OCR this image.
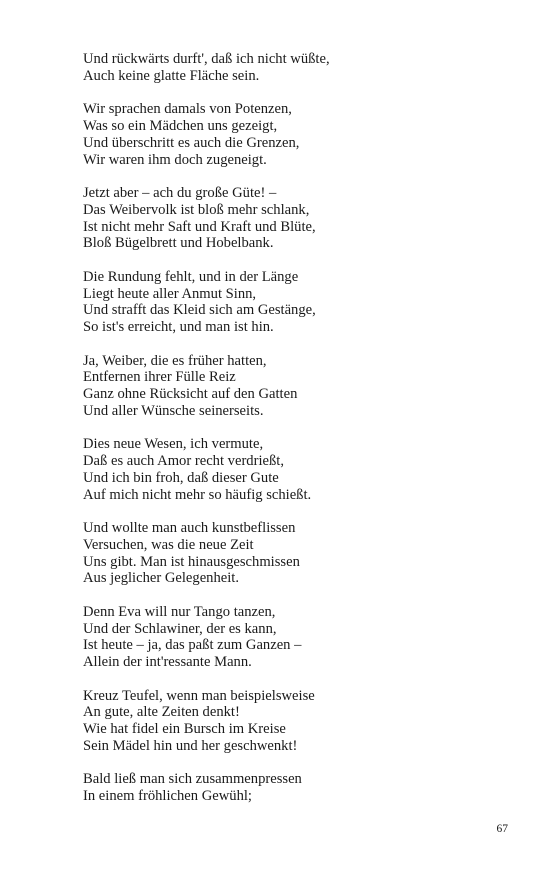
Und rückwärts durft', daß ich nicht wüßte,
Auch keine glatte Fläche sein.
Wir sprachen damals von Potenzen,
Was so ein Mädchen uns gezeigt,
Und überschritt es auch die Grenzen,
Wir waren ihm doch zugeneigt.
Jetzt aber – ach du große Güte! –
Das Weibervolk ist bloß mehr schlank,
Ist nicht mehr Saft und Kraft und Blüte,
Bloß Bügelbrett und Hobelbank.
Die Rundung fehlt, und in der Länge
Liegt heute aller Anmut Sinn,
Und strafft das Kleid sich am Gestänge,
So ist's erreicht, und man ist hin.
Ja, Weiber, die es früher hatten,
Entfernen ihrer Fülle Reiz
Ganz ohne Rücksicht auf den Gatten
Und aller Wünsche seinerseits.
Dies neue Wesen, ich vermute,
Daß es auch Amor recht verdrießt,
Und ich bin froh, daß dieser Gute
Auf mich nicht mehr so häufig schießt.
Und wollte man auch kunstbeflissen
Versuchen, was die neue Zeit
Uns gibt. Man ist hinausgeschmissen
Aus jeglicher Gelegenheit.
Denn Eva will nur Tango tanzen,
Und der Schlawiner, der es kann,
Ist heute – ja, das paßt zum Ganzen –
Allein der int'ressante Mann.
Kreuz Teufel, wenn man beispielsweise
An gute, alte Zeiten denkt!
Wie hat fidel ein Bursch im Kreise
Sein Mädel hin und her geschwenkt!
Bald ließ man sich zusammenpressen
In einem fröhlichen Gewühl;
67
